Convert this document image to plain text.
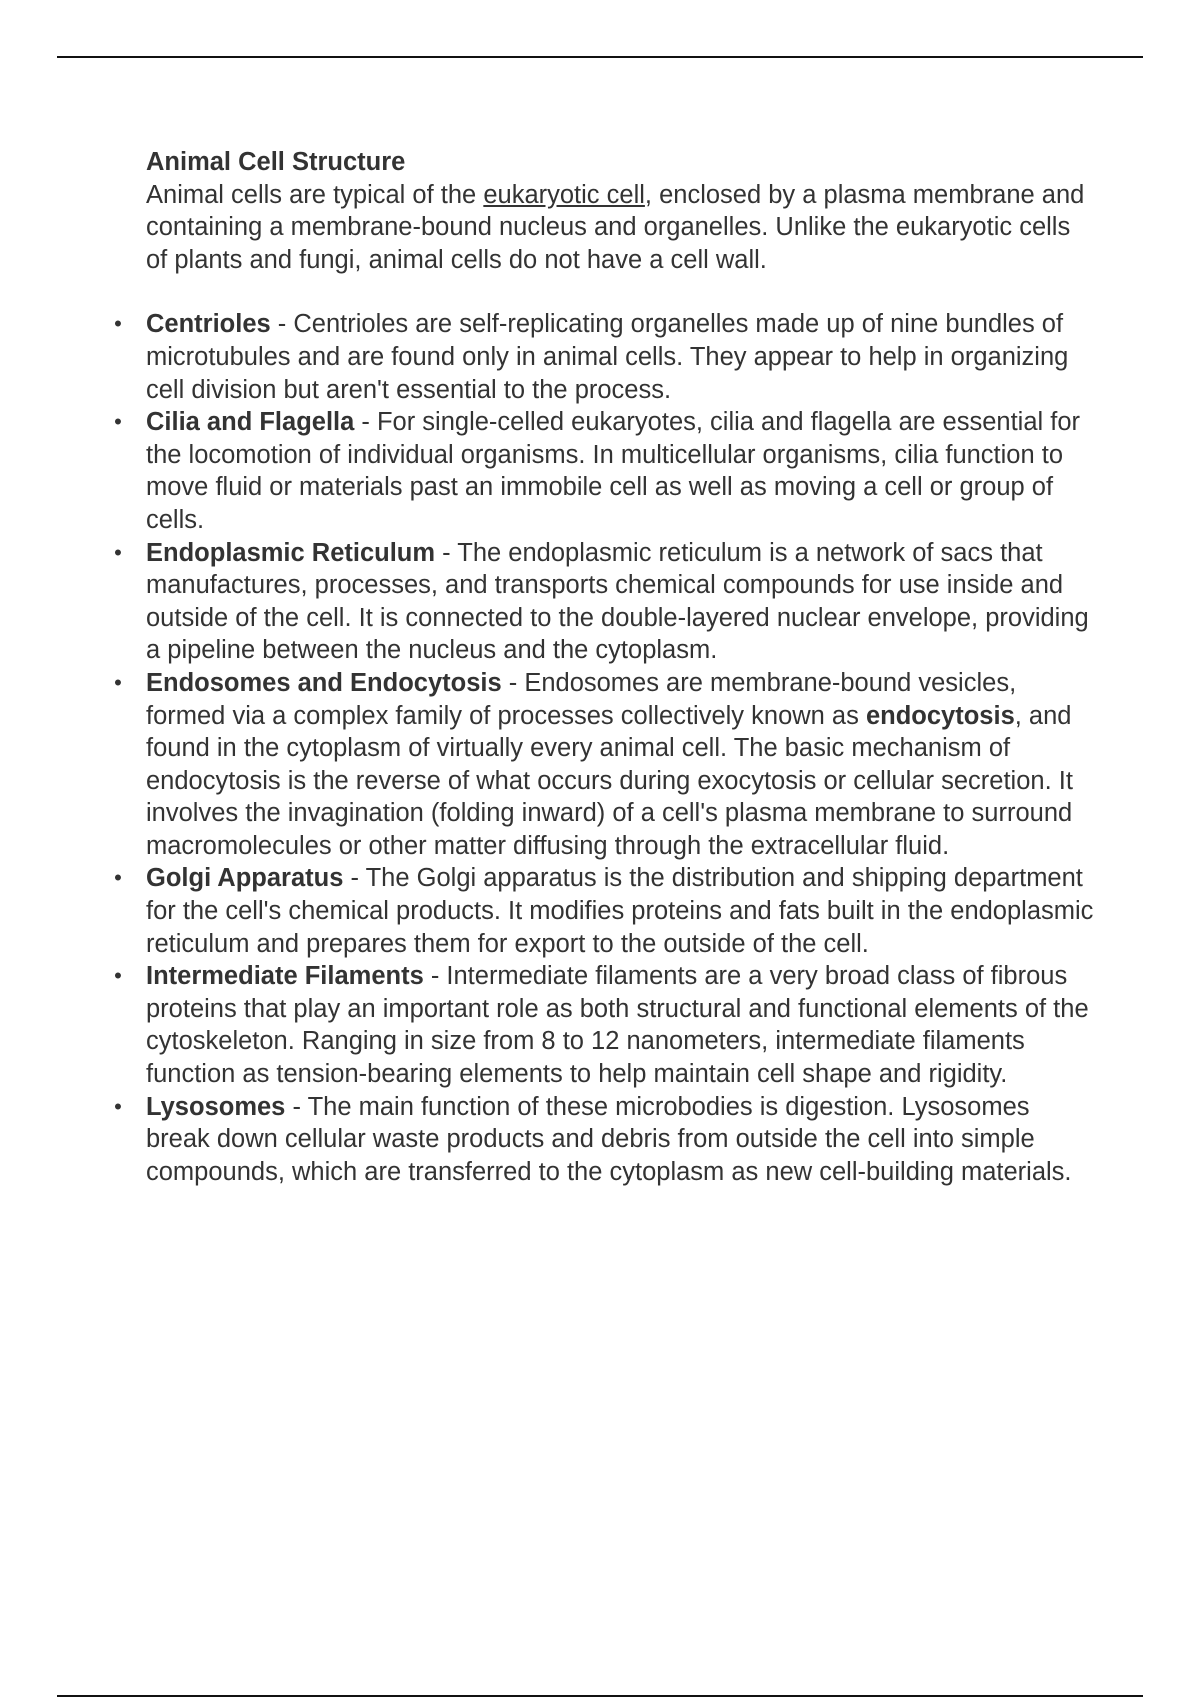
Animal Cell Structure

Animal cells are typical of the eukaryotic cell, enclosed by a plasma membrane and containing a membrane-bound nucleus and organelles. Unlike the eukaryotic cells of plants and fungi, animal cells do not have a cell wall.

• Centrioles - Centrioles are self-replicating organelles made up of nine bundles of microtubules and are found only in animal cells. They appear to help in organizing cell division but aren't essential to the process.
• Cilia and Flagella - For single-celled eukaryotes, cilia and flagella are essential for the locomotion of individual organisms. In multicellular organisms, cilia function to move fluid or materials past an immobile cell as well as moving a cell or group of cells.
• Endoplasmic Reticulum - The endoplasmic reticulum is a network of sacs that manufactures, processes, and transports chemical compounds for use inside and outside of the cell. It is connected to the double-layered nuclear envelope, providing a pipeline between the nucleus and the cytoplasm.
• Endosomes and Endocytosis - Endosomes are membrane-bound vesicles, formed via a complex family of processes collectively known as endocytosis, and found in the cytoplasm of virtually every animal cell. The basic mechanism of endocytosis is the reverse of what occurs during exocytosis or cellular secretion. It involves the invagination (folding inward) of a cell's plasma membrane to surround macromolecules or other matter diffusing through the extracellular fluid.
• Golgi Apparatus - The Golgi apparatus is the distribution and shipping department for the cell's chemical products. It modifies proteins and fats built in the endoplasmic reticulum and prepares them for export to the outside of the cell.
• Intermediate Filaments - Intermediate filaments are a very broad class of fibrous proteins that play an important role as both structural and functional elements of the cytoskeleton. Ranging in size from 8 to 12 nanometers, intermediate filaments function as tension-bearing elements to help maintain cell shape and rigidity.
• Lysosomes - The main function of these microbodies is digestion. Lysosomes break down cellular waste products and debris from outside the cell into simple compounds, which are transferred to the cytoplasm as new cell-building materials.
